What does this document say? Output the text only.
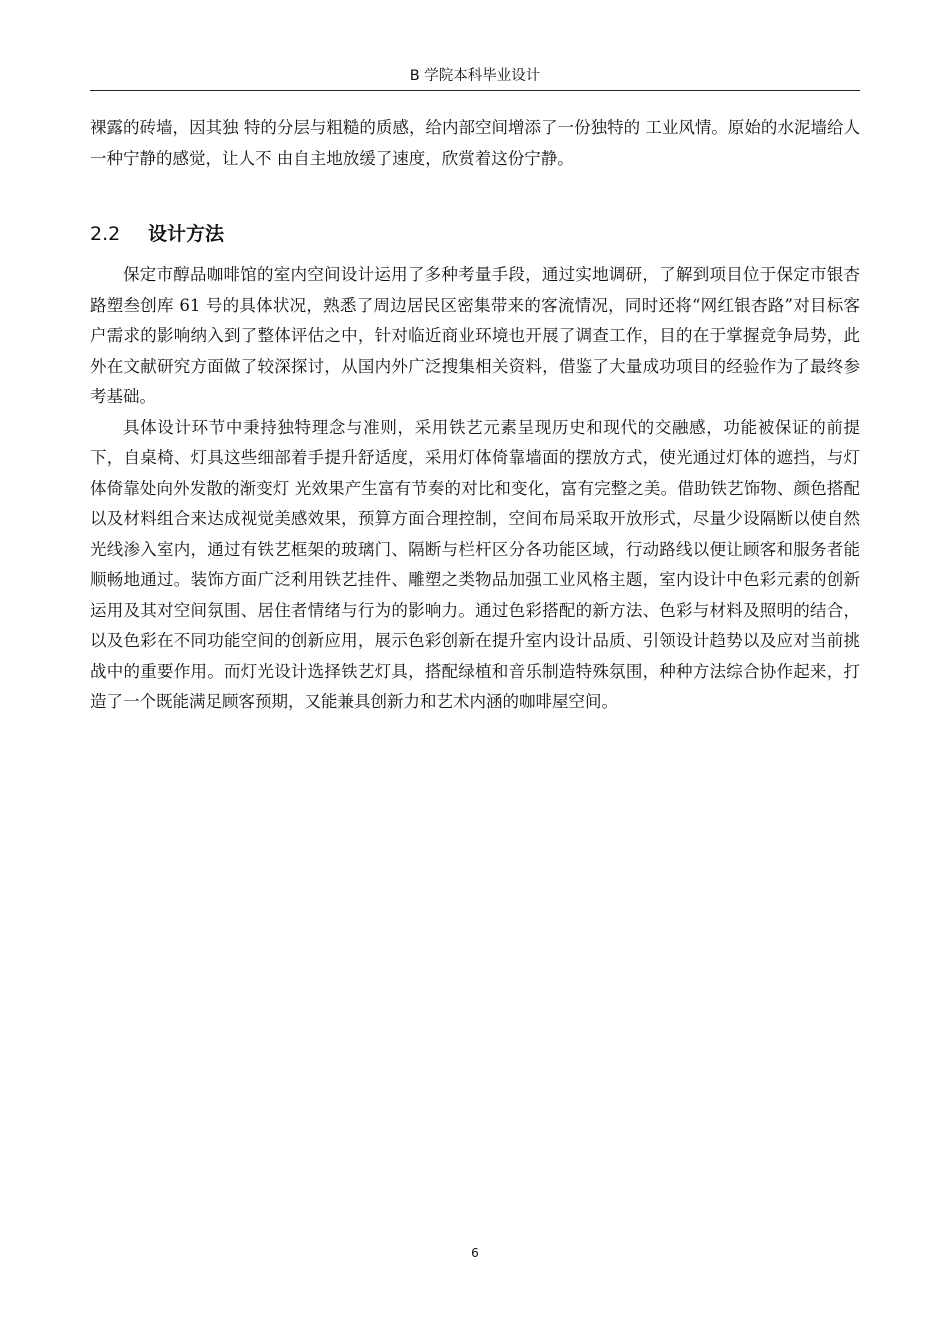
B 学院本科毕业设计

裸露的砖墙，因其独 特的分层与粗糙的质感，给内部空间增添了一份独特的 工业风情。原始的水泥墙给人一种宁静的感觉，让人不 由自主地放缓了速度，欣赏着这份宁静。

2.2 设计方法

保定市醇品咖啡馆的室内空间设计运用了多种考量手段，通过实地调研，了解到项目位于保定市银杏路塑叁创库 61 号的具体状况，熟悉了周边居民区密集带来的客流情况，同时还将“网红银杏路”对目标客户需求的影响纳入到了整体评估之中，针对临近商业环境也开展了调查工作，目的在于掌握竞争局势，此外在文献研究方面做了较深探讨，从国内外广泛搜集相关资料，借鉴了大量成功项目的经验作为了最终参考基础。

具体设计环节中秉持独特理念与准则，采用铁艺元素呈现历史和现代的交融感，功能被保证的前提下，自桌椅、灯具这些细部着手提升舒适度，采用灯体倚靠墙面的摆放方式，使光通过灯体的遮挡，与灯体倚靠处向外发散的渐变灯 光效果产生富有节奏的对比和变化，富有完整之美。借助铁艺饰物、颜色搭配以及材料组合来达成视觉美感效果，预算方面合理控制，空间布局采取开放形式，尽量少设隔断以使自然光线渗入室内，通过有铁艺框架的玻璃门、隔断与栏杆区分各功能区域，行动路线以便让顾客和服务者能顺畅地通过。装饰方面广泛利用铁艺挂件、雕塑之类物品加强工业风格主题，室内设计中色彩元素的创新运用及其对空间氛围、居住者情绪与行为的影响力。通过色彩搭配的新方法、色彩与材料及照明的结合，以及色彩在不同功能空间的创新应用，展示色彩创新在提升室内设计品质、引领设计趋势以及应对当前挑战中的重要作用。而灯光设计选择铁艺灯具，搭配绿植和音乐制造特殊氛围，种种方法综合协作起来，打造了一个既能满足顾客预期，又能兼具创新力和艺术内涵的咖啡屋空间。

6
